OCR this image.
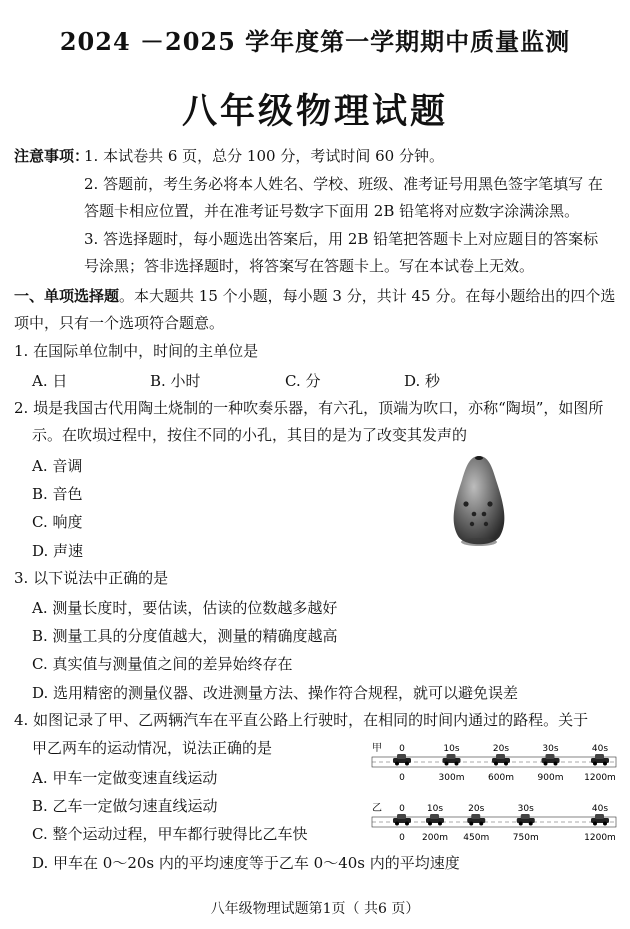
2024 －2025 学年度第一学期期中质量监测
八年级物理试题
注意事项：
1. 本试卷共 6 页，总分 100 分，考试时间 60 分钟。
2. 答题前，考生务必将本人姓名、学校、班级、准考证号用黑色签字笔填写 在
答题卡相应位置，并在准考证号数字下面用 2B 铅笔将对应数字涂满涂黑。
3. 答选择题时，每小题选出答案后，用 2B 铅笔把答题卡上对应题目的答案标
号涂黑；答非选择题时，将答案写在答题卡上。写在本试卷上无效。
一、单项选择题。本大题共 15 个小题，每小题 3 分，共计 45 分。在每小题给出的四个选
项中，只有一个选项符合题意。
1. 在国际单位制中，时间的主单位是
A. 日	B. 小时	C. 分	D. 秒
2. 埙是我国古代用陶土烧制的一种吹奏乐器，有六孔，顶端为吹口，亦称“陶埙”，如图所
示。在吹埙过程中，按住不同的小孔，其目的是为了改变其发声的
A. 音调
B. 音色
C. 响度
D. 声速
3. 以下说法中正确的是
A. 测量长度时，要估读，估读的位数越多越好
B. 测量工具的分度值越大，测量的精确度越高
C. 真实值与测量值之间的差异始终存在
D. 选用精密的测量仪器、改进测量方法、操作符合规程，就可以避免误差
4. 如图记录了甲、乙两辆汽车在平直公路上行驶时，在相同的时间内通过的路程。关于
甲乙两车的运动情况，说法正确的是
A. 甲车一定做变速直线运动
B. 乙车一定做匀速直线运动
C. 整个运动过程，甲车都行驶得比乙车快
D. 甲车在 0～20s 内的平均速度等于乙车 0～40s 内的平均速度
甲
乙
0
0
10s
300m
20s
600m
30s
900m
40s
1200m
0
0
10s
200m
20s
450m
30s
750m
40s
1200m
八年级物理试题第1页（ 共6 页）
